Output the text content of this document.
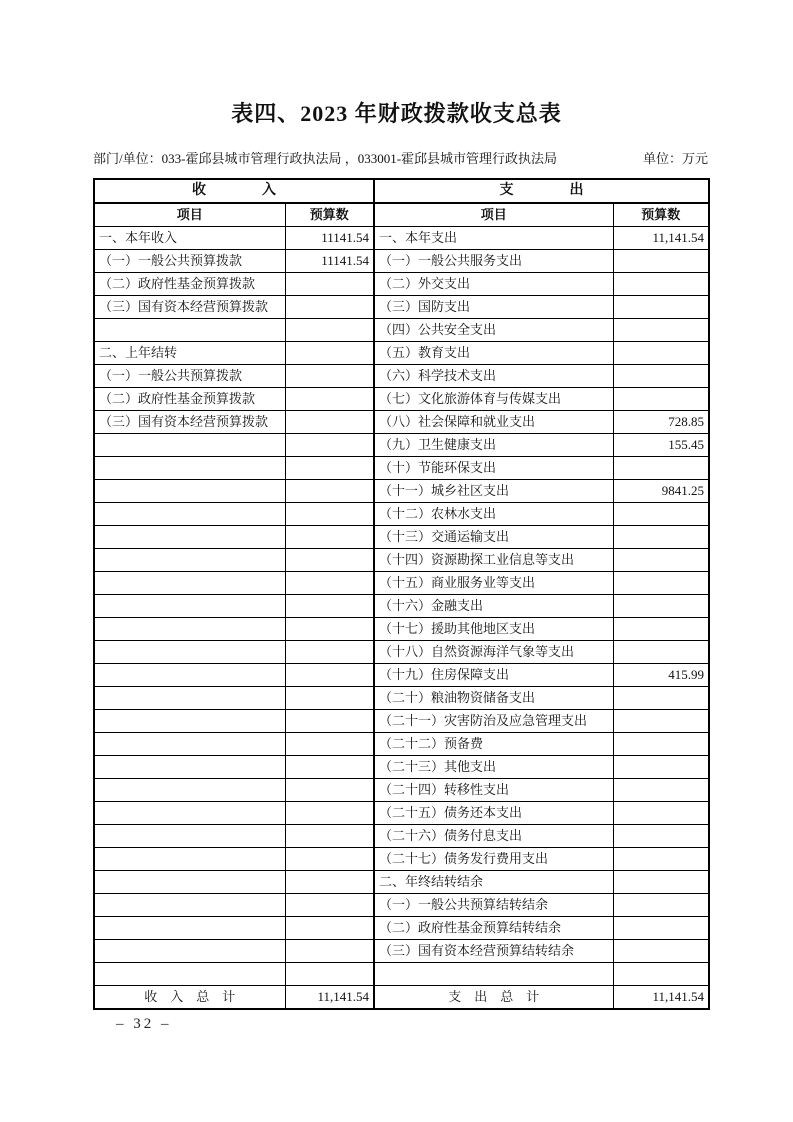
表四、2023 年财政拨款收支总表
部门/单位：033-霍邱县城市管理行政执法局 ，033001-霍邱县城市管理行政执法局	单位：万元
收　　　　入		支　　　　出	
项目	预算数	项目	预算数
一、本年收入	11141.54	一、本年支出	11,141.54
（一）一般公共预算拨款	11141.54	（一）一般公共服务支出	
（二）政府性基金预算拨款		（二）外交支出	
（三）国有资本经营预算拨款		（三）国防支出	
		（四）公共安全支出	
二、上年结转		（五）教育支出	
（一）一般公共预算拨款		（六）科学技术支出	
（二）政府性基金预算拨款		（七）文化旅游体育与传媒支出	
（三）国有资本经营预算拨款		（八）社会保障和就业支出	728.85
		（九）卫生健康支出	155.45
		（十）节能环保支出	
		（十一）城乡社区支出	9841.25
		（十二）农林水支出	
		（十三）交通运输支出	
		（十四）资源勘探工业信息等支出	
		（十五）商业服务业等支出	
		（十六）金融支出	
		（十七）援助其他地区支出	
		（十八）自然资源海洋气象等支出	
		（十九）住房保障支出	415.99
		（二十）粮油物资储备支出	
		（二十一）灾害防治及应急管理支出	
		（二十二）预备费	
		（二十三）其他支出	
		（二十四）转移性支出	
		（二十五）债务还本支出	
		（二十六）债务付息支出	
		（二十七）债务发行费用支出	
		二、年终结转结余	
		（一）一般公共预算结转结余	
		（二）政府性基金预算结转结余	
		（三）国有资本经营预算结转结余	

收　入　总　计	11,141.54	支　出　总　计	11,141.54
– 32 –
